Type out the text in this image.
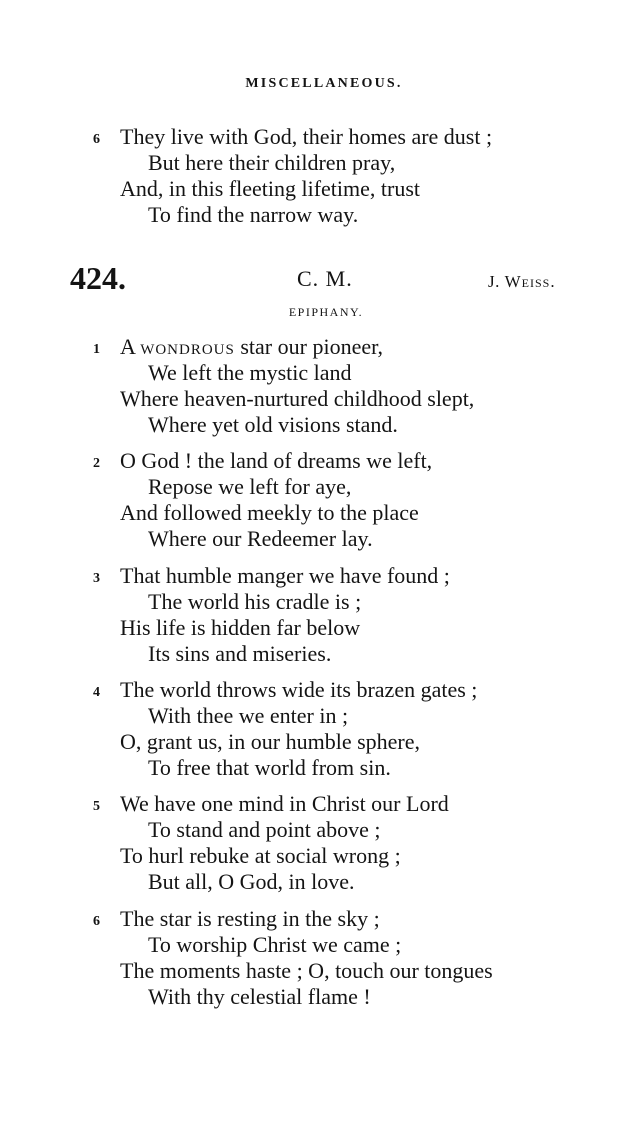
MISCELLANEOUS.
6 They live with God, their homes are dust ;
But here their children pray,
And, in this fleeting lifetime, trust
To find the narrow way.
424.	C. M.	J. Weiss.
EPIPHANY.
1 A wondrous star our pioneer,
We left the mystic land
Where heaven-nurtured childhood slept,
Where yet old visions stand.
2 O God ! the land of dreams we left,
Repose we left for aye,
And followed meekly to the place
Where our Redeemer lay.
3 That humble manger we have found ;
The world his cradle is ;
His life is hidden far below
Its sins and miseries.
4 The world throws wide its brazen gates ;
With thee we enter in ;
O, grant us, in our humble sphere,
To free that world from sin.
5 We have one mind in Christ our Lord
To stand and point above ;
To hurl rebuke at social wrong ;
But all, O God, in love.
6 The star is resting in the sky ;
To worship Christ we came ;
The moments haste ; O, touch our tongues
With thy celestial flame !
